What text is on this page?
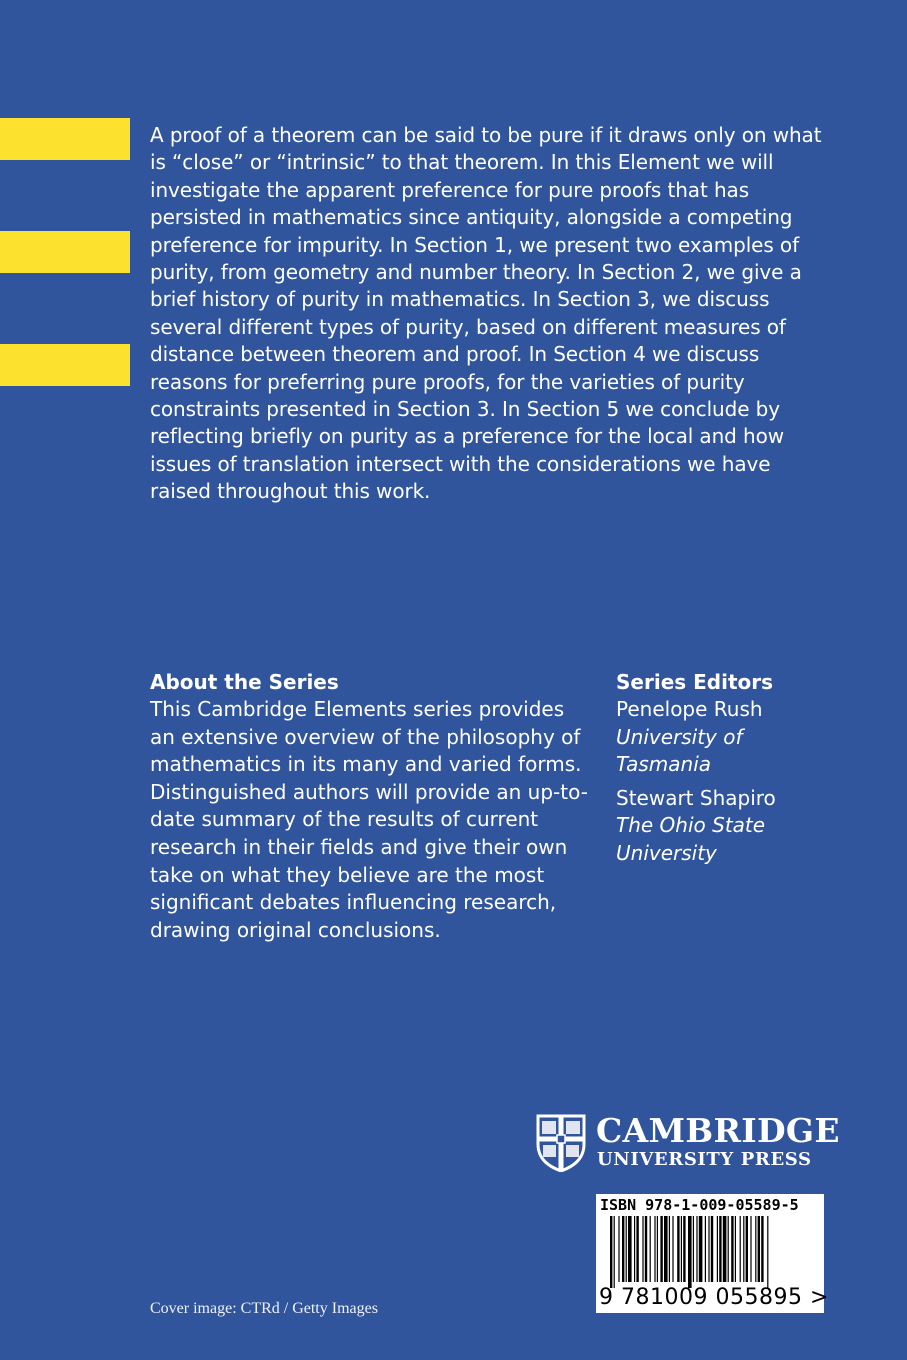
A proof of a theorem can be said to be pure if it draws only on what is “close” or “intrinsic” to that theorem. In this Element we will investigate the apparent preference for pure proofs that has persisted in mathematics since antiquity, alongside a competing preference for impurity. In Section 1, we present two examples of purity, from geometry and number theory. In Section 2, we give a brief history of purity in mathematics. In Section 3, we discuss several different types of purity, based on different measures of distance between theorem and proof. In Section 4 we discuss reasons for preferring pure proofs, for the varieties of purity constraints presented in Section 3. In Section 5 we conclude by reflecting briefly on purity as a preference for the local and how issues of translation intersect with the considerations we have raised throughout this work.

About the Series

This Cambridge Elements series provides an extensive overview of the philosophy of mathematics in its many and varied forms. Distinguished authors will provide an up-to-date summary of the results of current research in their fields and give their own take on what they believe are the most significant debates influencing research, drawing original conclusions.

Series Editors

Penelope Rush
University of Tasmania

Stewart Shapiro
The Ohio State University

CAMBRIDGE
UNIVERSITY PRESS
ISBN 978-1-009-05589-5
9 781009 055895 >
Cover image: CTRd / Getty Images
